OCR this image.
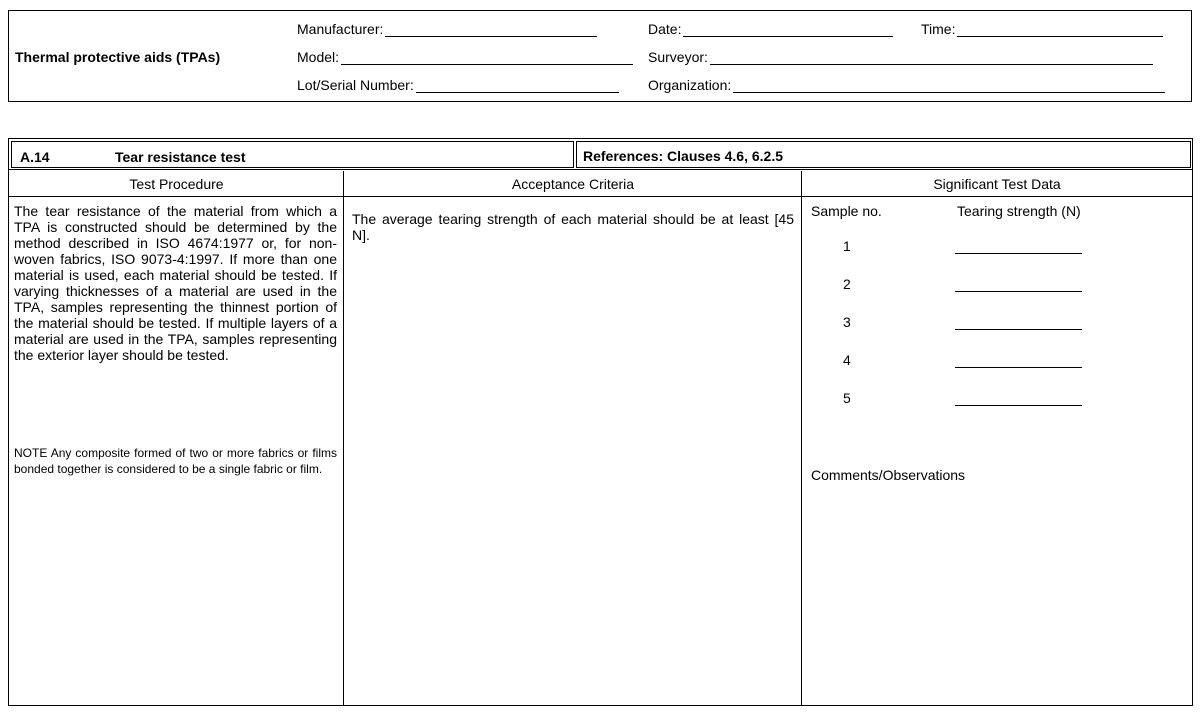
Thermal protective aids (TPAs)
Manufacturer:	Date:	Time:
Model:	Surveyor:
Lot/Serial Number:	Organization:
A.14	Tear resistance test	References: Clauses 4.6, 6.2.5
Test Procedure	Acceptance Criteria	Significant Test Data
The tear resistance of the material from which a TPA is constructed should be determined by the method described in ISO 4674:1977 or, for non-woven fabrics, ISO 9073-4:1997. If more than one material is used, each material should be tested. If varying thicknesses of a material are used in the TPA, samples representing the thinnest portion of the material should be tested. If multiple layers of a material are used in the TPA, samples representing the exterior layer should be tested.
NOTE Any composite formed of two or more fabrics or films bonded together is considered to be a single fabric or film.
The average tearing strength of each material should be at least [45 N].
Sample no.	Tearing strength (N)
1
2
3
4
5
Comments/Observations
